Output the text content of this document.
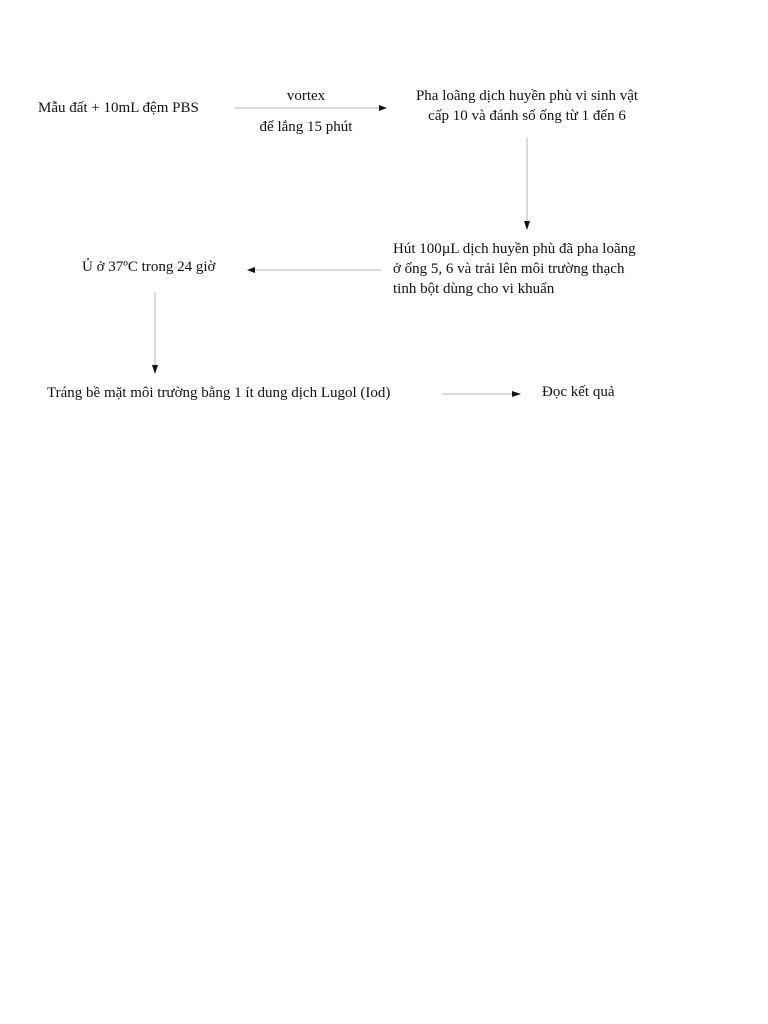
Mẫu đất + 10mL đệm PBS
vortex
để lắng 15 phút
Pha loãng dịch huyền phù vi sinh vật
cấp 10 và đánh số ống từ 1 đến 6
Hút 100µL dịch huyền phù đã pha loãng
ở ống 5, 6 và trải lên môi trường thạch
tinh bột dùng cho vi khuẩn
Ủ ở 37ºC trong 24 giờ
Tráng bề mặt môi trường bằng 1 ít dung dịch Lugol (Iod)	Đọc kết quả
